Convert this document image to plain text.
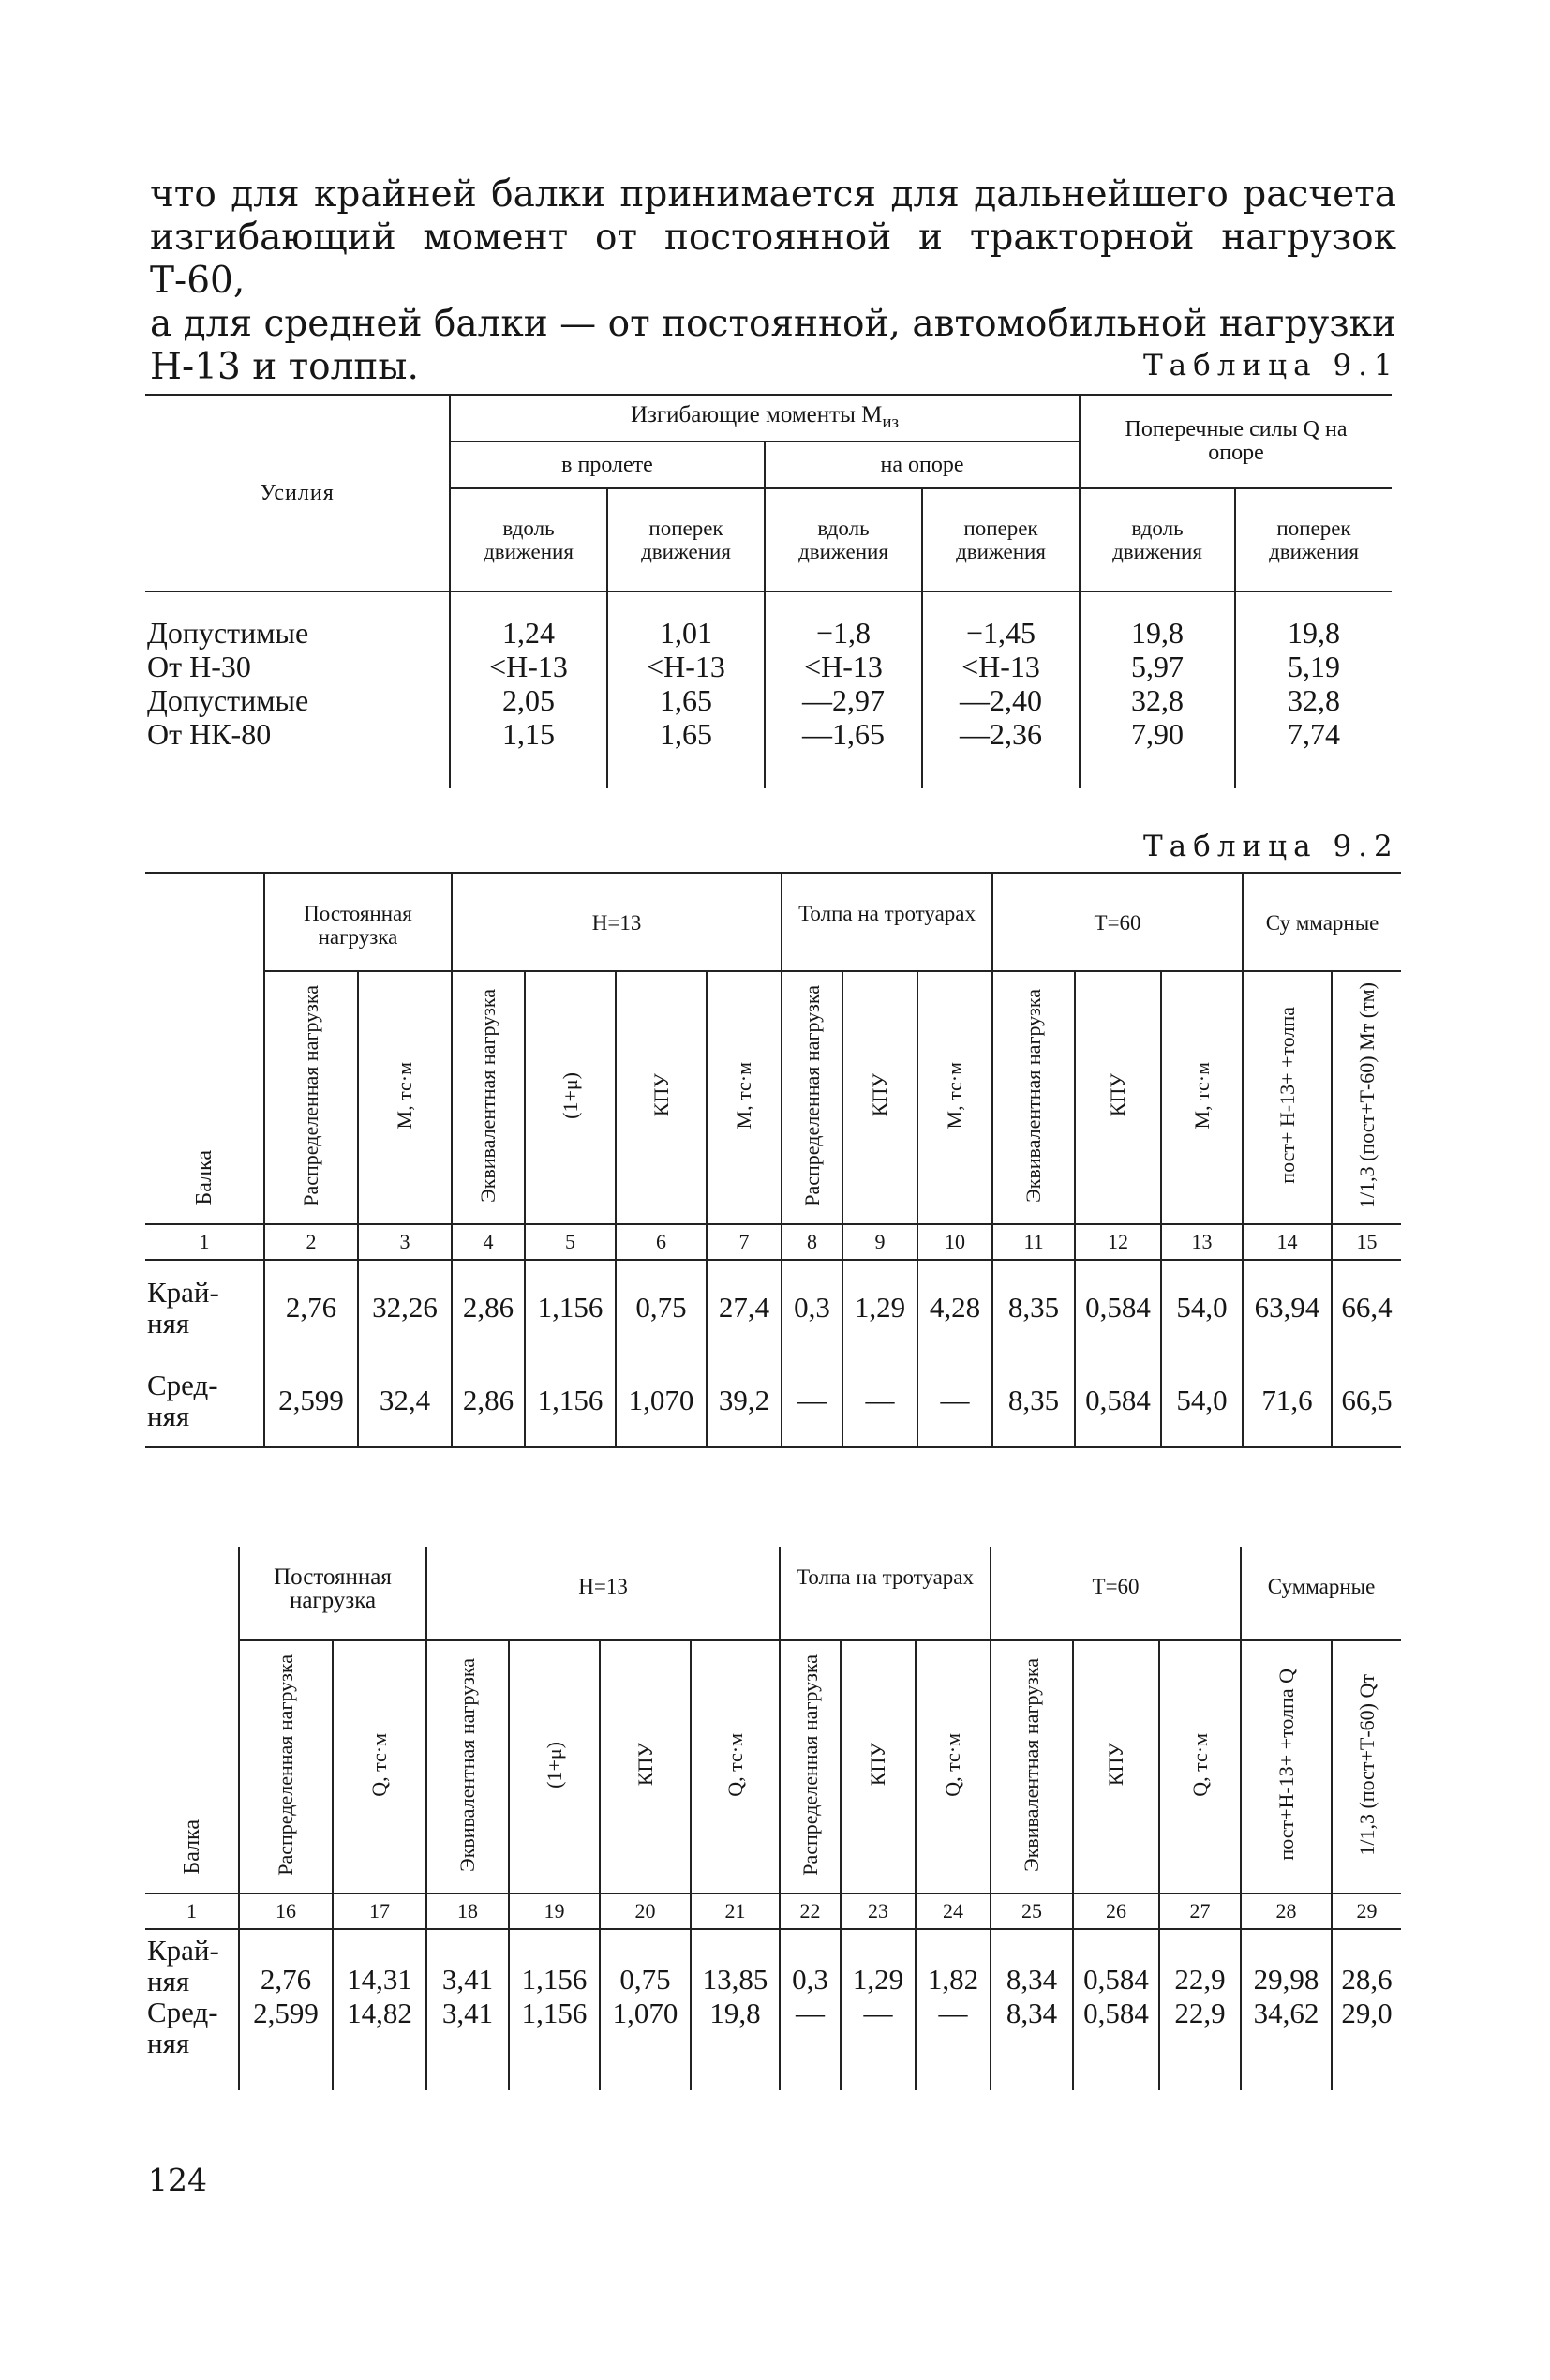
что для крайней балки принимается для дальнейшего расчета

изгибающий момент от постоянной и тракторной нагрузок Т-60,

а для средней балки — от постоянной, автомобильной нагрузки

Н-13 и толпы.	Таблица 9.1
Усилия	Изгибающие моменты $М_{из}$				Поперечные силы Q на опоре	
	в пролете		на опоре			
	вдоль движения	поперек движения	вдоль движения	поперек движения	вдоль движения	поперек движения

Допустимые	1,24	1,01	−1,8	−1,45	19,8	19,8
От Н-30	<Н-13	<Н-13	<Н-13	<Н-13	5,97	5,19
Допустимые	2,05	1,65	—2,97	—2,40	32,8	32,8
От НК-80	1,15	1,65	—1,65	—2,36	7,90	7,74

Таблица 9.2
Балка	Постоянная нагрузка		Н=13				Толпа на тротуарах			Т=60			Су ммарные	
	Распределенная нагрузка	M, тс·м	Эквивалентная нагрузка	(1+μ)	КПУ	M, тс·м	Распределенная нагрузка	КПУ	M, тс·м	Эквивалентная нагрузка	КПУ	M, тс·м	пост+ Н-13+ +толпа	1/1,3 (пост+Т-60) Мт (тм)
1	2	3	4	5	6	7	8	9	10	11	12	13	14	15
Край-
няя	2,76	32,26	2,86	1,156	0,75	27,4	0,3	1,29	4,28	8,35	0,584	54,0	63,94	66,4
Сред-
няя	2,599	32,4	2,86	1,156	1,070	39,2	—	—	—	8,35	0,584	54,0	71,6	66,5
Балка	Постоянная нагрузка		Н=13				Толпа на тротуарах			Т=60			Суммарные	
	Распределенная нагрузка	Q, тс·м	Эквивалентная нагрузка	(1+μ)	КПУ	Q, тс·м	Распределенная нагрузка	КПУ	Q, тс·м	Эквивалентная нагрузка	КПУ	Q, тс·м	пост+Н-13+ +толпа Q	1/1,3 (пост+Т-60) Qт
1	16	17	18	19	20	21	22	23	24	25	26	27	28	29
Край-
няя	2,76	14,31	3,41	1,156	0,75	13,85	0,3	1,29	1,82	8,34	0,584	22,9	29,98	28,6
Сред-
няя	2,599	14,82	3,41	1,156	1,070	19,8	—	—	—	8,34	0,584	22,9	34,62	29,0
124
